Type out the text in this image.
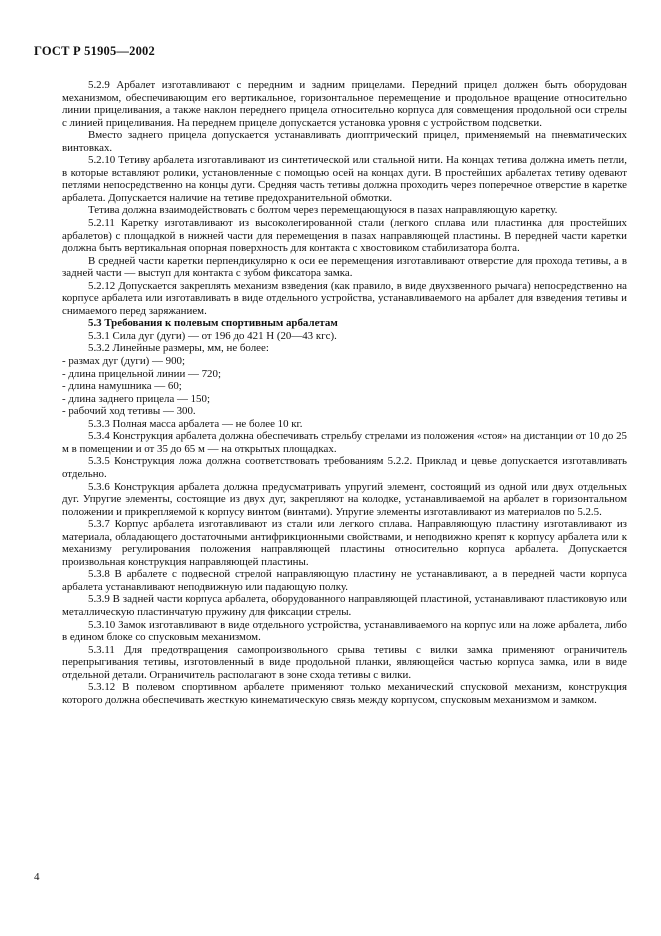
ГОСТ Р 51905—2002

5.2.9 Арбалет изготавливают с передним и задним прицелами. Передний прицел должен быть оборудован механизмом, обеспечивающим его вертикальное, горизонтальное перемещение и продольное вращение относительно линии прицеливания, а также наклон переднего прицела относительно корпуса для совмещения продольной оси стрелы с линией прицеливания. На переднем прицеле допускается установка уровня с устройством подсветки.

Вместо заднего прицела допускается устанавливать диоптрический прицел, применяемый на пневматических винтовках.

5.2.10 Тетиву арбалета изготавливают из синтетической или стальной нити. На концах тетива должна иметь петли, в которые вставляют ролики, установленные с помощью осей на концах дуги. В простейших арбалетах тетиву одевают петлями непосредственно на концы дуги. Средняя часть тетивы должна проходить через поперечное отверстие в каретке арбалета. Допускается наличие на тетиве предохранительной обмотки.

Тетива должна взаимодействовать с болтом через перемещающуюся в пазах направляющую каретку.

5.2.11 Каретку изготавливают из высоколегированной стали (легкого сплава или пластинка для простейших арбалетов) с площадкой в нижней части для перемещения в пазах направляющей пластины. В передней части каретки должна быть вертикальная опорная поверхность для контакта с хвостовиком стабилизатора болта.

В средней части каретки перпендикулярно к оси ее перемещения изготавливают отверстие для прохода тетивы, а в задней части — выступ для контакта с зубом фиксатора замка.

5.2.12 Допускается закреплять механизм взведения (как правило, в виде двухзвенного рычага) непосредственно на корпусе арбалета или изготавливать в виде отдельного устройства, устанавливаемого на арбалет для взведения тетивы и снимаемого перед заряжанием.

5.3 Требования к полевым спортивным арбалетам

5.3.1 Сила дуг (дуги) — от 196 до 421 Н (20—43 кгс).

5.3.2 Линейные размеры, мм, не более:

- размах дуг (дуги) — 900;

- длина прицельной линии — 720;

- длина намушника — 60;

- длина заднего прицела — 150;

- рабочий ход тетивы — 300.

5.3.3 Полная масса арбалета — не более 10 кг.

5.3.4 Конструкция арбалета должна обеспечивать стрельбу стрелами из положения «стоя» на дистанции от 10 до 25 м в помещении и от 35 до 65 м — на открытых площадках.

5.3.5 Конструкция ложа должна соответствовать требованиям 5.2.2. Приклад и цевье допускается изготавливать отдельно.

5.3.6 Конструкция арбалета должна предусматривать упругий элемент, состоящий из одной или двух отдельных дуг. Упругие элементы, состоящие из двух дуг, закрепляют на колодке, устанавливаемой на арбалет в горизонтальном положении и прикрепляемой к корпусу винтом (винтами). Упругие элементы изготавливают из материалов по 5.2.5.

5.3.7 Корпус арбалета изготавливают из стали или легкого сплава. Направляющую пластину изготавливают из материала, обладающего достаточными антифрикционными свойствами, и неподвижно крепят к корпусу арбалета или к механизму регулирования положения направляющей пластины относительно корпуса арбалета. Допускается произвольная конструкция направляющей пластины.

5.3.8 В арбалете с подвесной стрелой направляющую пластину не устанавливают, а в передней части корпуса арбалета устанавливают неподвижную или падающую полку.

5.3.9 В задней части корпуса арбалета, оборудованного направляющей пластиной, устанавливают пластиковую или металлическую пластинчатую пружину для фиксации стрелы.

5.3.10 Замок изготавливают в виде отдельного устройства, устанавливаемого на корпус или на ложе арбалета, либо в едином блоке со спусковым механизмом.

5.3.11 Для предотвращения самопроизвольного срыва тетивы с вилки замка применяют ограничитель перепрыгивания тетивы, изготовленный в виде продольной планки, являющейся частью корпуса замка, или в виде отдельной детали. Ограничитель располагают в зоне схода тетивы с вилки.

5.3.12 В полевом спортивном арбалете применяют только механический спусковой механизм, конструкция которого должна обеспечивать жесткую кинематическую связь между корпусом, спусковым механизмом и замком.

4
